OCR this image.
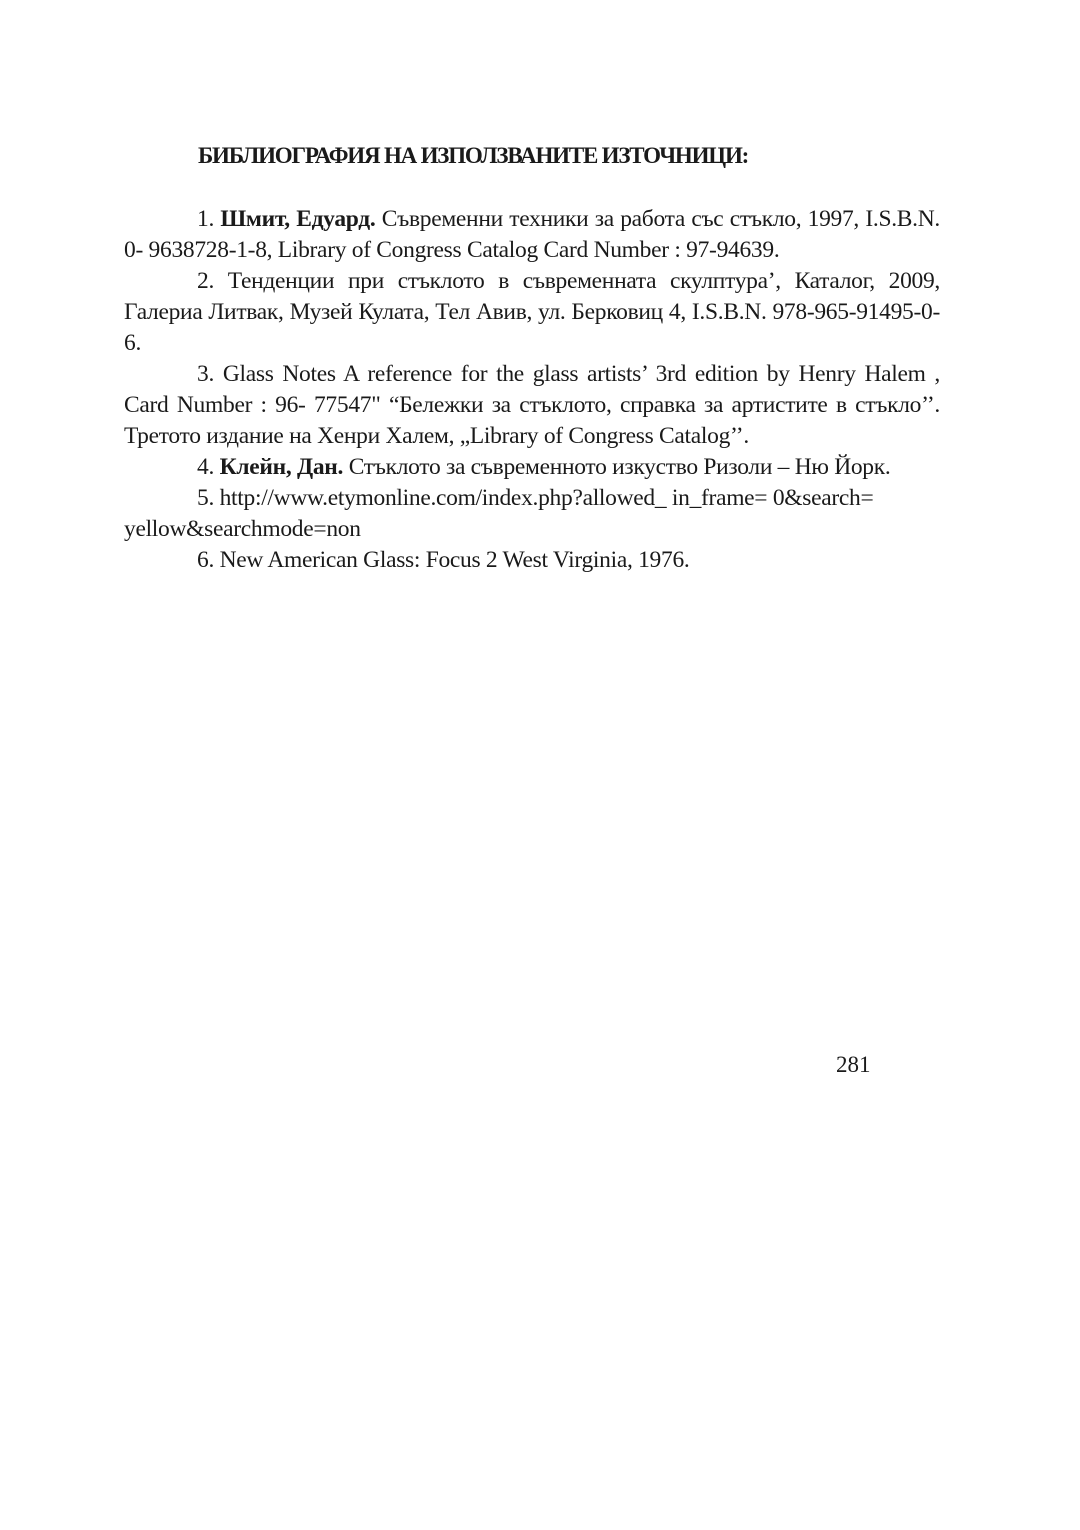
БИБЛИОГРАФИЯ НА ИЗПОЛЗВАНИТЕ ИЗТОЧНИЦИ:
1. Шмит, Едуард. Съвременни техники за работа със стъкло, 1997, I.S.B.N. 0- 9638728-1-8, Library of Congress Catalog Card Number : 97-94639.
2. Тенденции при стъклото в съвременната скулптура’, Каталог, 2009, Галериа Литвак, Музей Кулата, Тел Авив, ул. Берковиц 4, I.S.B.N. 978-965-91495-0-6.
3. Glass Notes A reference for the glass artists’ 3rd edition by Henry Halem , Card Number : 96- 77547" “Бележки за стъклото, справка за артистите в стъкло’’. Третото издание на Хенри Халем, „Library of Congress Catalog’’.
4. Клейн, Дан. Стъклото за съвременното изкуство Ризоли – Ню Йорк.
5. http://www.etymonline.com/index.php?allowed_ in_frame= 0&search= yellow&searchmode=non
6. New American Glass: Focus 2 West Virginia, 1976.
281
